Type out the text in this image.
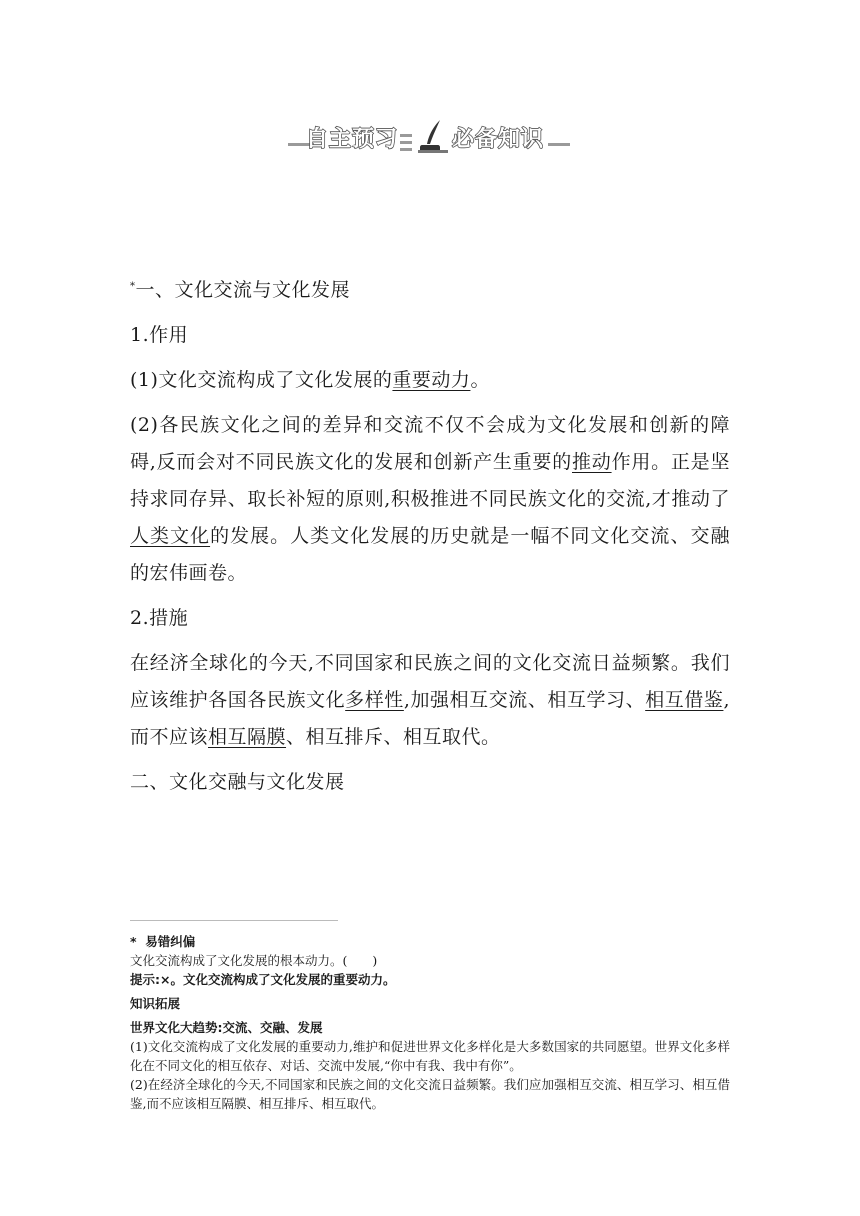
自主预习 必备知识

*一、文化交流与文化发展

1.作用

(1)文化交流构成了文化发展的重要动力。

(2)各民族文化之间的差异和交流不仅不会成为文化发展和创新的障碍,反而会对不同民族文化的发展和创新产生重要的推动作用。正是坚持求同存异、取长补短的原则,积极推进不同民族文化的交流,才推动了人类文化的发展。人类文化发展的历史就是一幅不同文化交流、交融的宏伟画卷。

2.措施

在经济全球化的今天,不同国家和民族之间的文化交流日益频繁。我们应该维护各国各民族文化多样性,加强相互交流、相互学习、相互借鉴,而不应该相互隔膜、相互排斥、相互取代。

二、文化交融与文化发展

* 易错纠偏

文化交流构成了文化发展的根本动力。(　　)

提示:×。文化交流构成了文化发展的重要动力。

知识拓展

世界文化大趋势:交流、交融、发展

(1)文化交流构成了文化发展的重要动力,维护和促进世界文化多样化是大多数国家的共同愿望。世界文化多样化在不同文化的相互依存、对话、交流中发展,“你中有我、我中有你”。

(2)在经济全球化的今天,不同国家和民族之间的文化交流日益频繁。我们应加强相互交流、相互学习、相互借鉴,而不应该相互隔膜、相互排斥、相互取代。
